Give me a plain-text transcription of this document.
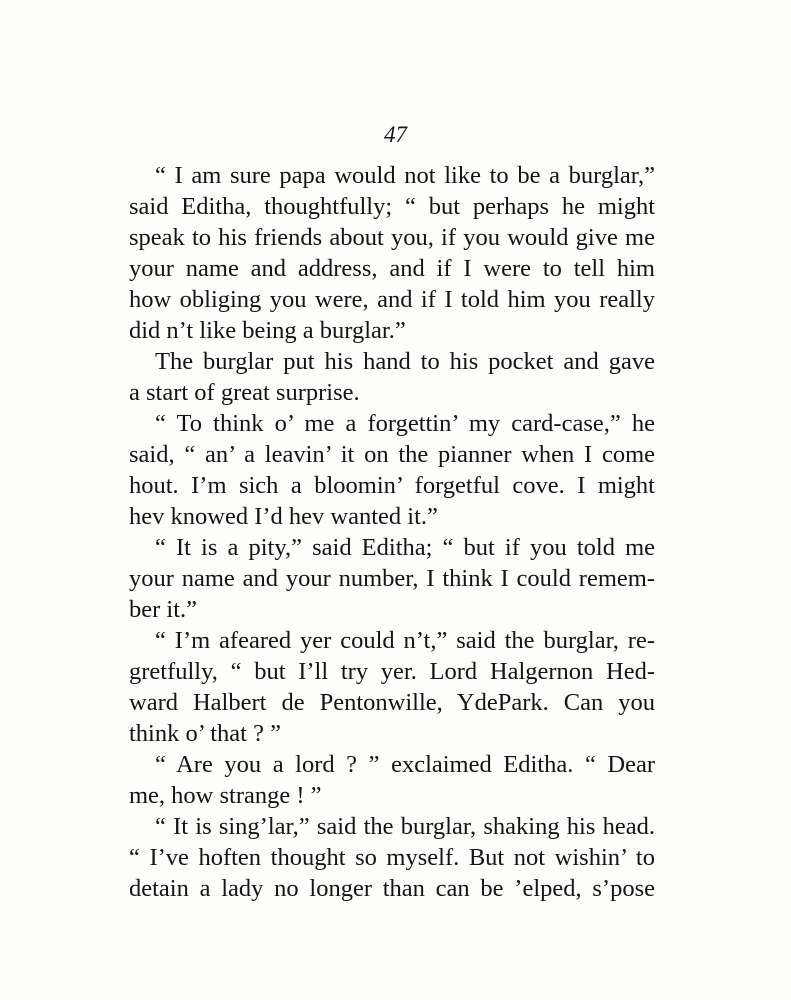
47
“ I am sure papa would not like to be a burglar,”
said Editha, thoughtfully; “ but perhaps he might
speak to his friends about you, if you would give me
your name and address, and if I were to tell him
how obliging you were, and if I told him you really
did n’t like being a burglar.”
The burglar put his hand to his pocket and gave
a start of great surprise.
“ To think o’ me a forgettin’ my card-case,” he
said, “ an’ a leavin’ it on the pianner when I come
hout. I’m sich a bloomin’ forgetful cove. I might
hev knowed I’d hev wanted it.”
“ It is a pity,” said Editha; “ but if you told me
your name and your number, I think I could remem-
ber it.”
“ I’m afeared yer could n’t,” said the burglar, re-
gretfully, “ but I’ll try yer. Lord Halgernon Hed-
ward Halbert de Pentonwille, YdePark. Can you
think o’ that ? ”
“ Are you a lord ? ” exclaimed Editha. “ Dear
me, how strange ! ”
“ It is sing’lar,” said the burglar, shaking his head.
“ I’ve hoften thought so myself. But not wishin’ to
detain a lady no longer than can be ’elped, s’pose
